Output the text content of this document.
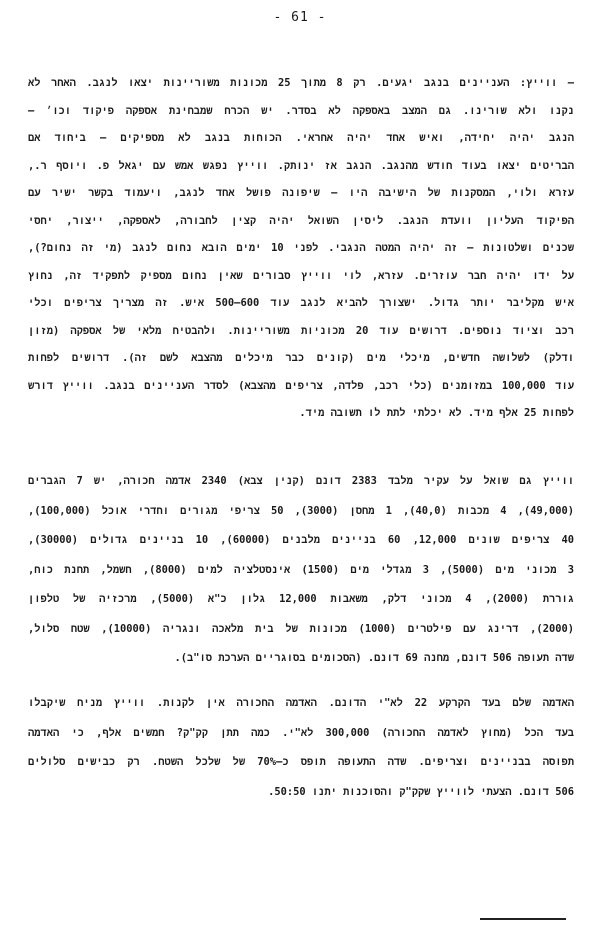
- 61 -
– ווייץ: העניינים בנגב יגעים. רק 8 מתוך 25 מכונות משוריינות יצאו לנגב. האחר לא
נקנו ולא שורינו. גם המצב באספקה לא בסדר. יש הכרח שמבחינת אספקה פיקוד וכו׳ –
הנגב יהיה יחידה, ואיש אחד יהיה אחראי. הכוחות בנגב לא מספיקים – ביחוד אם
הבריטים יצאו בעוד חודש מהנגב. הנגב אז ינותק. ווייץ נפגש אמש עם יגאל פ. ויוסף ר.,
עזרא ולוי, המסקנות של הישיבה היו – שיפונה פושל אחד לנגב, ויעמוד בקשר ישיר עם
הפיקוד העליון וועדת הנגב. ליסין השואל יהיה קצין לחבורה, לאספקה, ייצור, יחסי
שכנים ושלטונות – זה יהיה המטה הנגבי. לפני 10 ימים הובא נחום לנגב (מי זה נחום?),
על ידו יהיה חבר עוזרים. עזרא, לוי ווייץ סבורים שאין נחום מספיק לתפקיד זה, נחוץ
איש מקליבר יותר גדול. ישצורך להביא לנגב עוד 600–500 איש. זה מצריך צריפים וכלי
רכב וציוד נוספים. דרושים עוד 20 מכוניות משוריינות. ולהבטיח מלאי של אספקה (מזון
ודלק) לשלושה חדשים, מיכלי מים (קונים כבר מיכלים מהצבא לשם זה). דרושים לפחות
עוד 100,000 במזומנים (כלי רכב, פלדה, צריפים מהצבא) לסדר העניינים בנגב. ווייץ דורש
לפחות 25 אלף מיד. לא יכלתי לתת לו תשובה מיד.
ווייץ גם שואל על עקיר מלבד 2383 דונם (קנין צבא) 2340 אדמה חכורה, יש 7 הגברים
(49,000), 4 מכבות (40,0), 1 מחסן (3000), 50 צריפי מגורים וחדרי אוכל (100,000),
40 צריפים שונים 12,000, 60 בניינים מלבנים (60000), 10 בניינים גדולים (30000),
3 מכוני מים (5000), 3 מגדלי מים (1500) אינסטלציה למים (8000), חשמל, תחנת כוח,
גוררת (2000), 4 מכוני דלק, משאבות 12,000 גלון כ"א (5000), מרכזיה של טלפון
(2000), דרינג עם פילטרים (1000) מכונות של בית מלאכה ונגריה (10000), שטח סלול,
שדה תעופה 506 דונם, מחנה 69 דונם. (הסכומים בסוגריים הערכת סו"ב).
האדמה שלם בעד הקרקע 22 לא"י הדונם. האדמה החכורה אין לקנות. ווייץ מניח שיקבלו
בעד הכל (מחוץ לאדמה החכורה) 300,000 לא"י. כמה תתן קק"ק? חמשים אלף, כי האדמה
תפוסה בבניינים וצריפים. שדה התעופה תופס כ–70% של שלכל השטח. רק כבישים סלולים
506 דונם. הצעתי לווייץ שקק"ק והסוכנות יתנו 50:50.
